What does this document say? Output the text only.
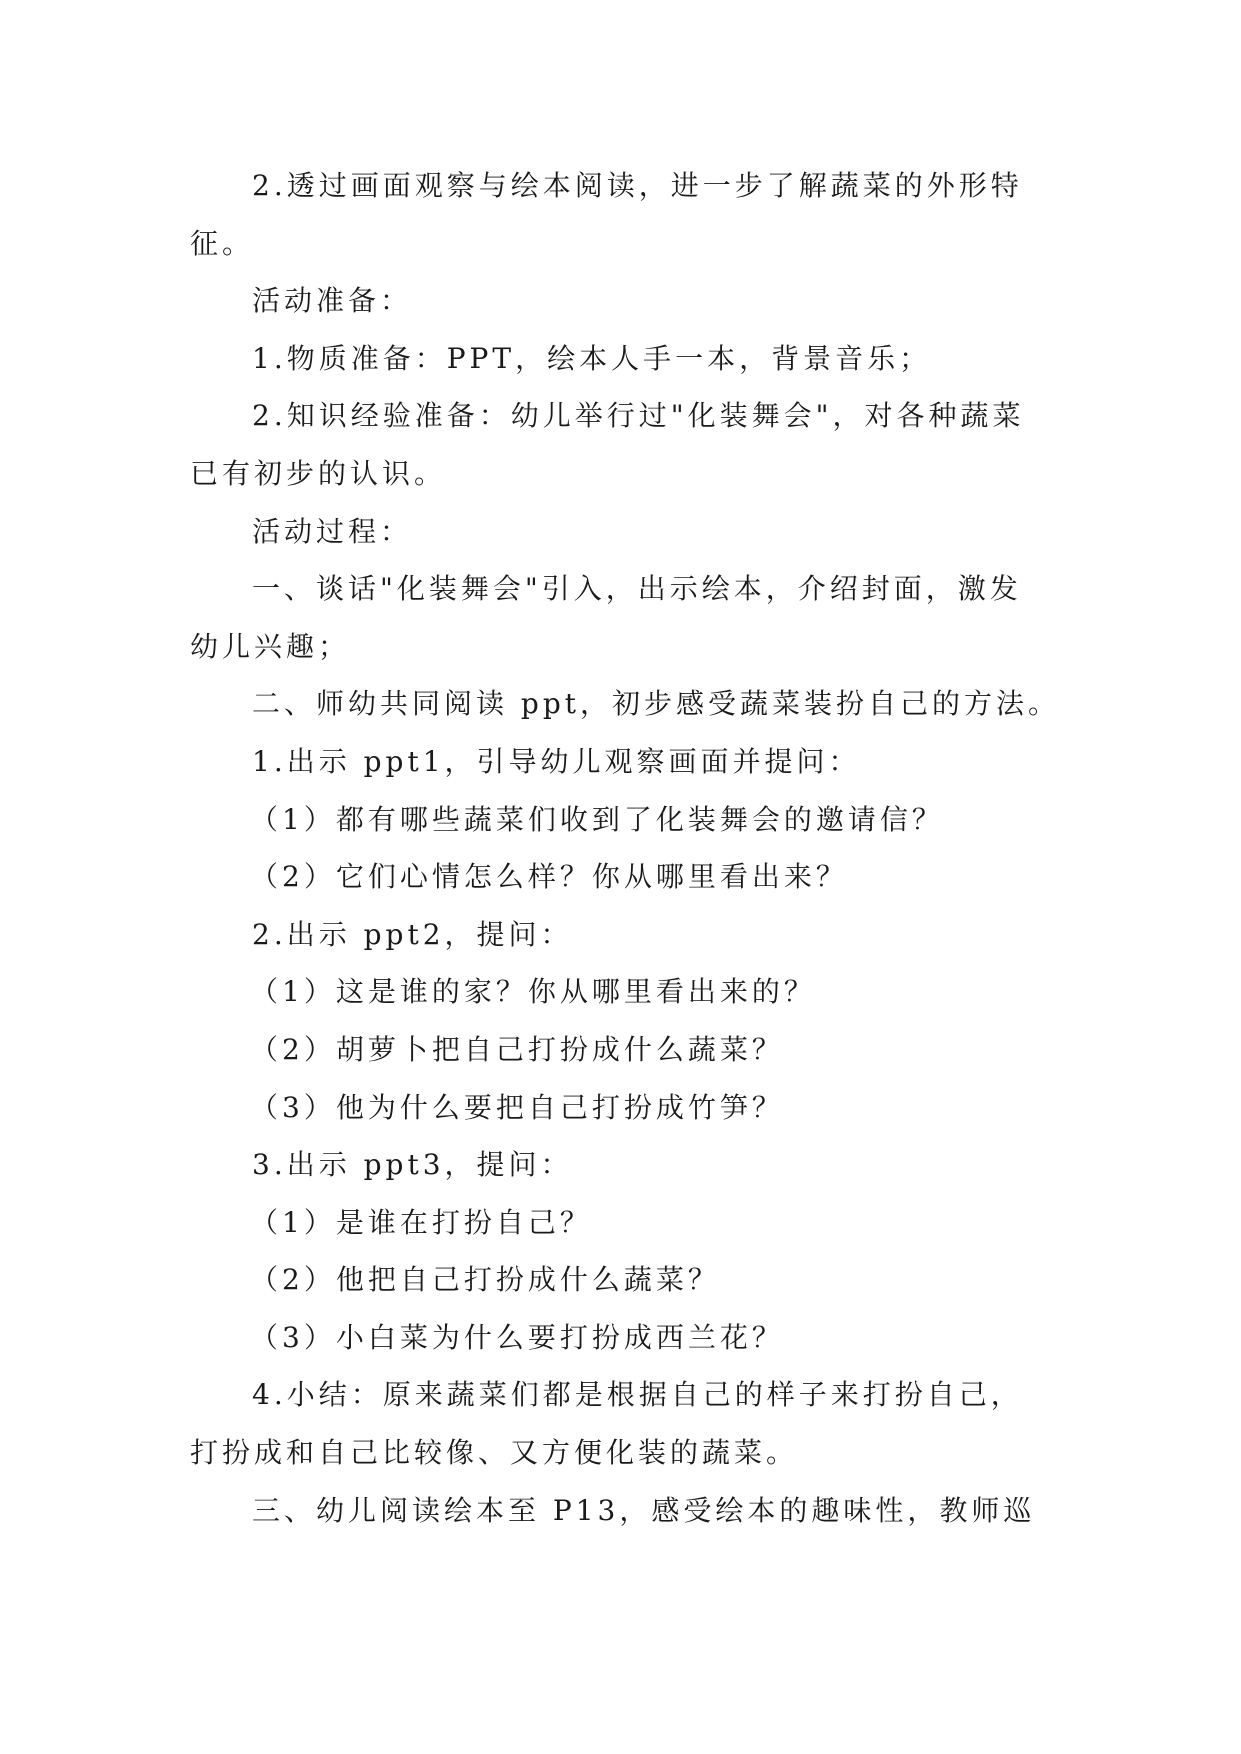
2.透过画面观察与绘本阅读，进一步了解蔬菜的外形特
征。
活动准备：
1.物质准备：PPT，绘本人手一本，背景音乐；
2.知识经验准备：幼儿举行过"化装舞会"，对各种蔬菜
已有初步的认识。
活动过程：
一、谈话"化装舞会"引入，出示绘本，介绍封面，激发
幼儿兴趣；
二、师幼共同阅读 ppt，初步感受蔬菜装扮自己的方法。
1.出示 ppt1，引导幼儿观察画面并提问：
（1）都有哪些蔬菜们收到了化装舞会的邀请信？
（2）它们心情怎么样？你从哪里看出来？
2.出示 ppt2，提问：
（1）这是谁的家？你从哪里看出来的？
（2）胡萝卜把自己打扮成什么蔬菜？
（3）他为什么要把自己打扮成竹笋？
3.出示 ppt3，提问：
（1）是谁在打扮自己？
（2）他把自己打扮成什么蔬菜？
（3）小白菜为什么要打扮成西兰花？
4.小结：原来蔬菜们都是根据自己的样子来打扮自己，
打扮成和自己比较像、又方便化装的蔬菜。
三、幼儿阅读绘本至 P13，感受绘本的趣味性，教师巡
